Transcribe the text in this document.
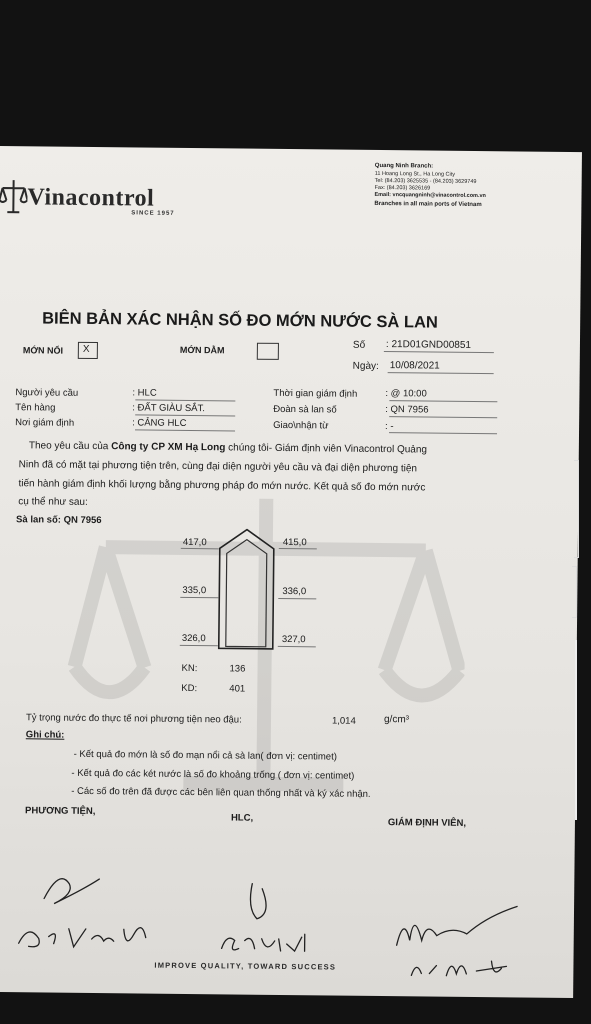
Vinacontrol
SINCE 1957
Quang Ninh Branch:
11 Hoang Long St., Ha Long City
Tel: (84.203) 3625535 - (84.203) 3629749
Fax: (84.203) 3626169
Email: vncquangninh@vinacontrol.com.vn
Branches in all main ports of Vietnam
BIÊN BẢN XÁC NHẬN SỐ ĐO MỚN NƯỚC SÀ LAN
MỚN NỔI X	MỚN DẰM	Số : 21D01GND00851
Ngày: 10/08/2021
Người yêu cầu	: HLC
Tên hàng	: ĐẤT GIÀU SẮT.
Nơi giám định	: CẢNG HLC
Thời gian giám định	: @ 10:00
Đoàn sà lan số	: QN 7956
Giao\nhận từ	: -
Theo yêu cầu của Công ty CP XM Hạ Long chúng tôi- Giám định viên Vinacontrol Quảng
Ninh đã có mặt tại phương tiện trên, cùng đại diện người yêu cầu và đại diện phương tiện
tiến hành giám định khối lượng bằng phương pháp đo mớn nước. Kết quả số đo mớn nước
cụ thể như sau:
Sà lan số: QN 7956
417,0	415,0
335,0	336,0
326,0	327,0
KN:	136
KD:	401
Tỷ trọng nước đo thực tế nơi phương tiện neo đậu:	1,014	g/cm³
Ghi chú:
- Kết quả đo mớn là số đo mạn nổi cả sà lan( đơn vị: centimet)
- Kết quả đo các két nước là số đo khoảng trống ( đơn vị: centimet)
- Các số đo trên đã được các bên liên quan thống nhất và ký xác nhận.
PHƯƠNG TIỆN,
HLC,	GIÁM ĐỊNH VIÊN,
IMPROVE QUALITY, TOWARD SUCCESS
